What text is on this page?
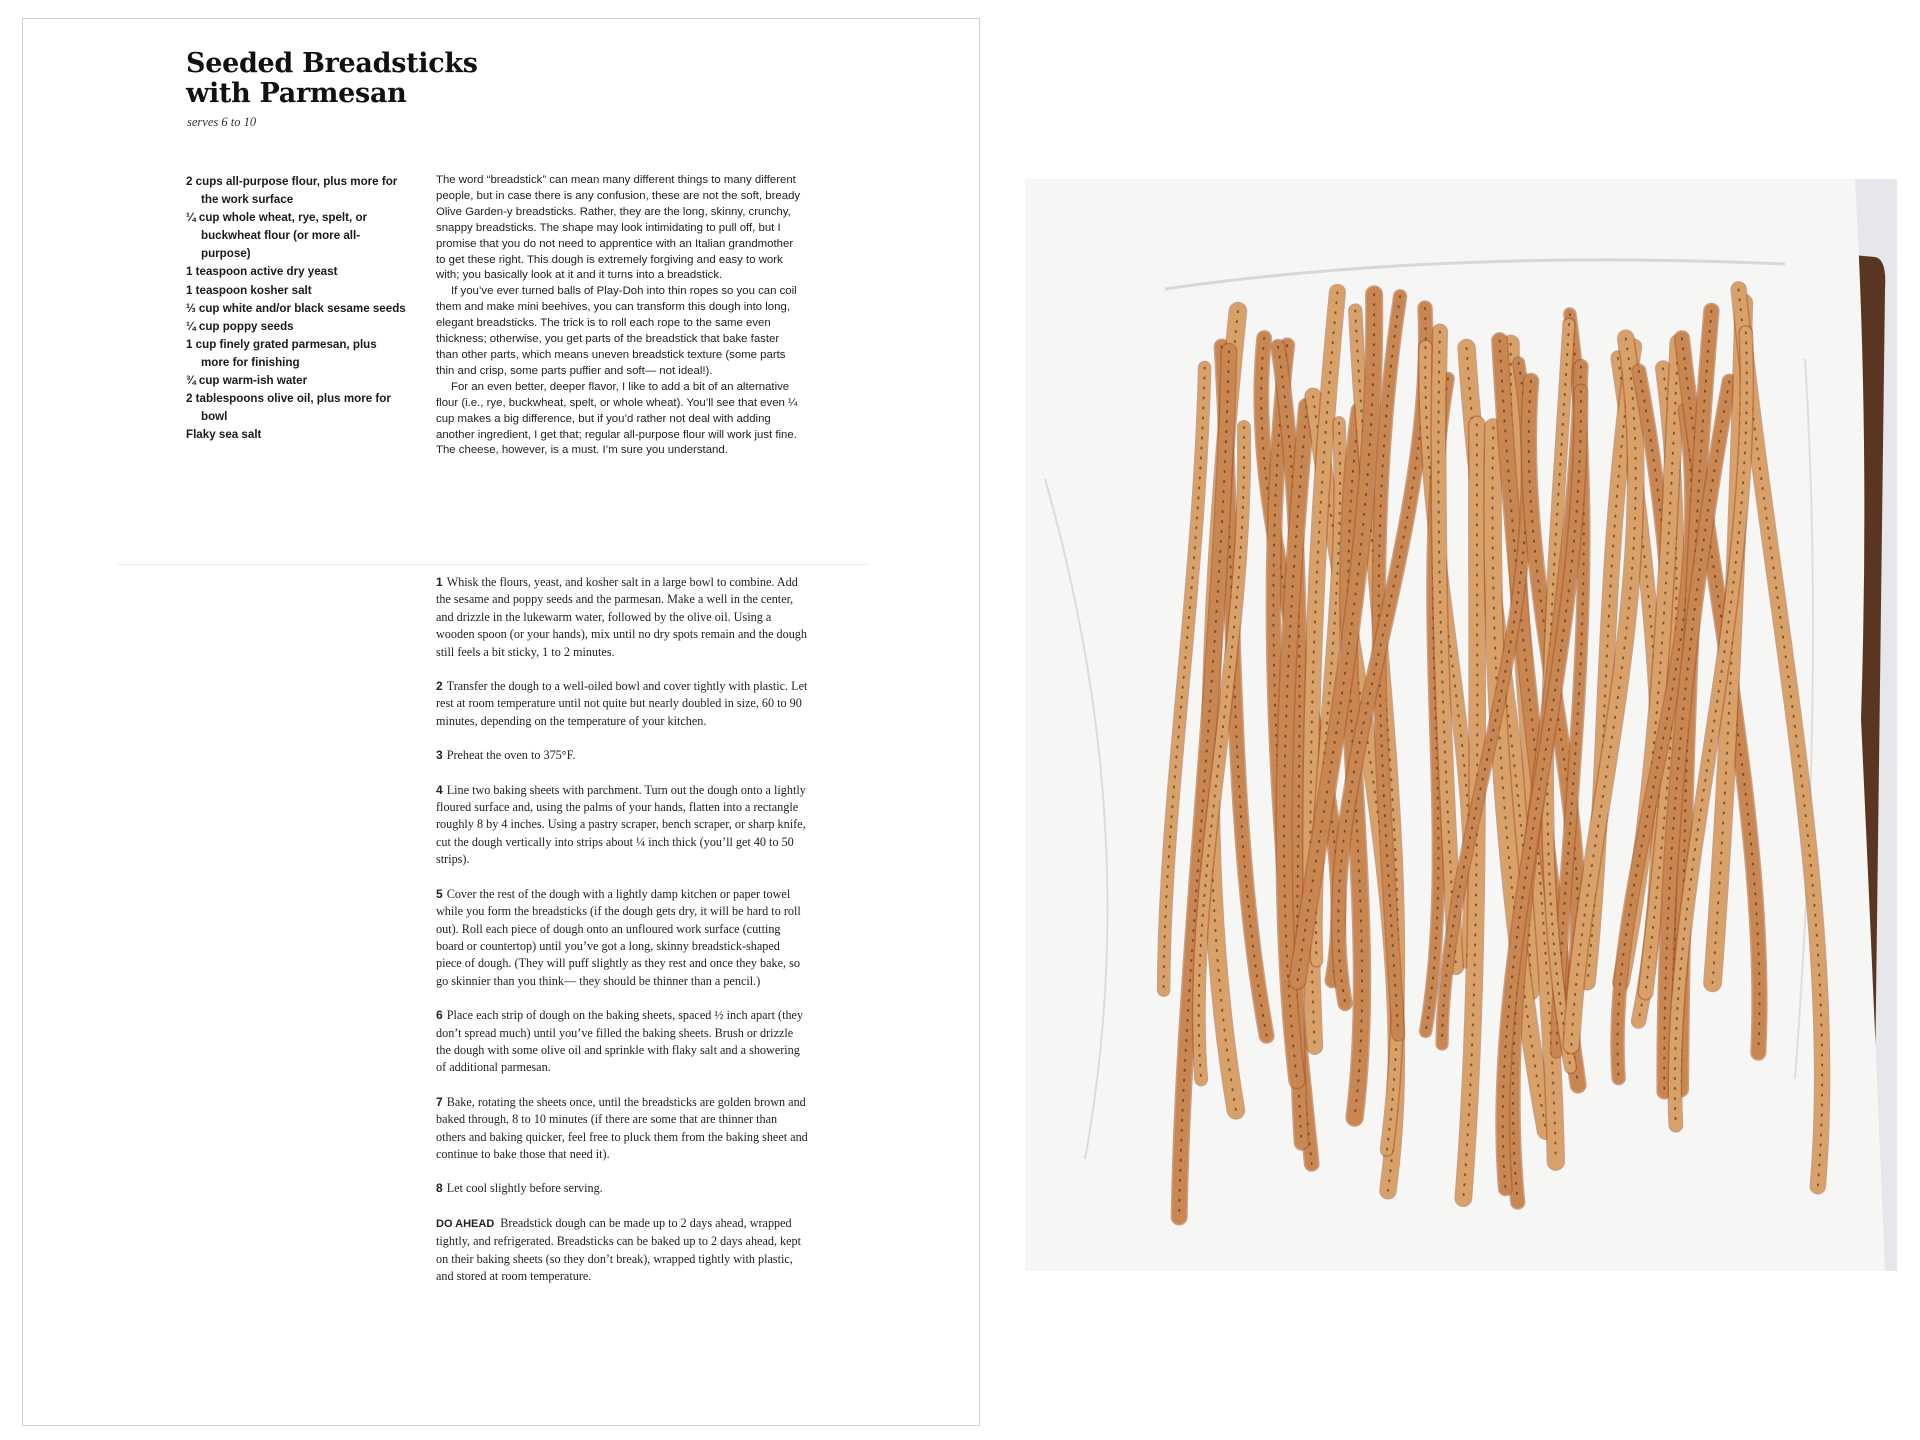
Seeded Breadsticks
with Parmesan
serves 6 to 10
2 cups all-purpose flour, plus more for the work surface
¼ cup whole wheat, rye, spelt, or buckwheat flour (or more all-purpose)
1 teaspoon active dry yeast
1 teaspoon kosher salt
⅓ cup white and/or black sesame seeds
¼ cup poppy seeds
1 cup finely grated parmesan, plus more for finishing
¾ cup warm-ish water
2 tablespoons olive oil, plus more for bowl
Flaky sea salt

The word “breadstick” can mean many different things to many different people, but in case there is any confusion, these are not the soft, bready Olive Garden-y breadsticks. Rather, they are the long, skinny, crunchy, snappy breadsticks. The shape may look intimidating to pull off, but I promise that you do not need to apprentice with an Italian grandmother to get these right. This dough is extremely forgiving and easy to work with; you basically look at it and it turns into a breadstick.

If you’ve ever turned balls of Play-Doh into thin ropes so you can coil them and make mini beehives, you can transform this dough into long, elegant breadsticks. The trick is to roll each rope to the same even thickness; otherwise, you get parts of the breadstick that bake faster than other parts, which means uneven breadstick texture (some parts thin and crisp, some parts puffier and soft— not ideal!).

For an even better, deeper flavor, I like to add a bit of an alternative flour (i.e., rye, buckwheat, spelt, or whole wheat). You’ll see that even ¼ cup makes a big difference, but if you’d rather not deal with adding another ingredient, I get that; regular all-purpose flour will work just fine. The cheese, however, is a must. I’m sure you understand.

1 Whisk the flours, yeast, and kosher salt in a large bowl to combine. Add the sesame and poppy seeds and the parmesan. Make a well in the center, and drizzle in the lukewarm water, followed by the olive oil. Using a wooden spoon (or your hands), mix until no dry spots remain and the dough still feels a bit sticky, 1 to 2 minutes.

2 Transfer the dough to a well-oiled bowl and cover tightly with plastic. Let rest at room temperature until not quite but nearly doubled in size, 60 to 90 minutes, depending on the temperature of your kitchen.

3 Preheat the oven to 375°F.

4 Line two baking sheets with parchment. Turn out the dough onto a lightly floured surface and, using the palms of your hands, flatten into a rectangle roughly 8 by 4 inches. Using a pastry scraper, bench scraper, or sharp knife, cut the dough vertically into strips about ¼ inch thick (you’ll get 40 to 50 strips).

5 Cover the rest of the dough with a lightly damp kitchen or paper towel while you form the breadsticks (if the dough gets dry, it will be hard to roll out). Roll each piece of dough onto an unfloured work surface (cutting board or countertop) until you’ve got a long, skinny breadstick-shaped piece of dough. (They will puff slightly as they rest and once they bake, so go skinnier than you think— they should be thinner than a pencil.)

6 Place each strip of dough on the baking sheets, spaced ½ inch apart (they don’t spread much) until you’ve filled the baking sheets. Brush or drizzle the dough with some olive oil and sprinkle with flaky salt and a showering of additional parmesan.

7 Bake, rotating the sheets once, until the breadsticks are golden brown and baked through, 8 to 10 minutes (if there are some that are thinner than others and baking quicker, feel free to pluck them from the baking sheet and continue to bake those that need it).

8 Let cool slightly before serving.

DO AHEAD Breadstick dough can be made up to 2 days ahead, wrapped tightly, and refrigerated. Breadsticks can be baked up to 2 days ahead, kept on their baking sheets (so they don’t break), wrapped tightly with plastic, and stored at room temperature.
